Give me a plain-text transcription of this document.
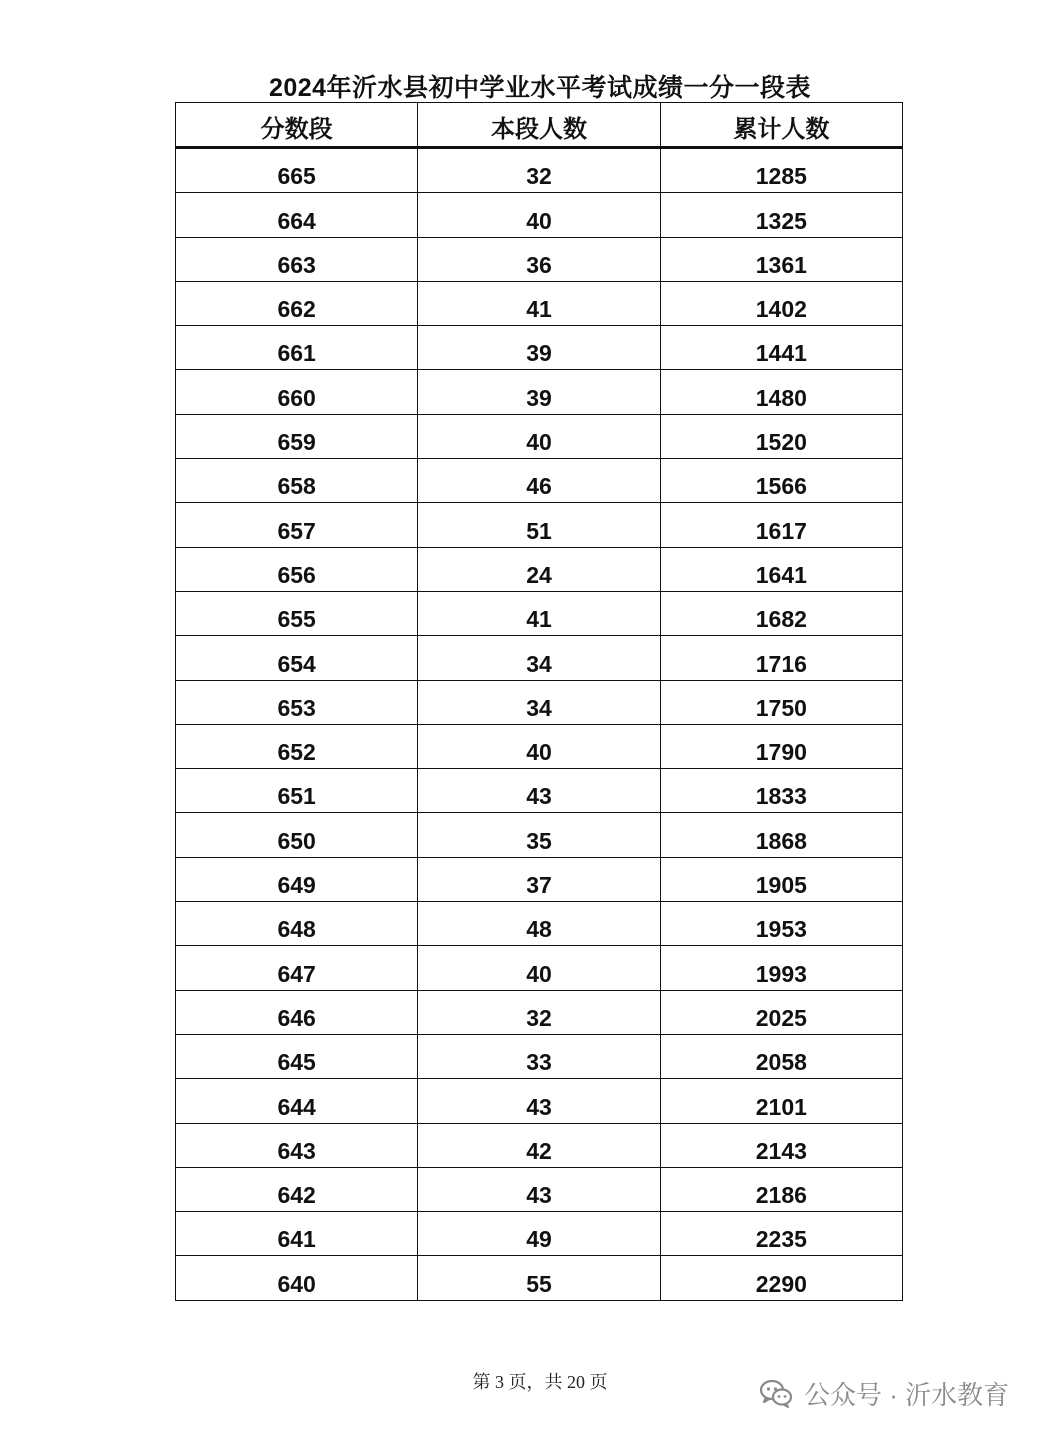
2024年沂水县初中学业水平考试成绩一分一段表
分数段	本段人数	累计人数
665	32	1285
664	40	1325
663	36	1361
662	41	1402
661	39	1441
660	39	1480
659	40	1520
658	46	1566
657	51	1617
656	24	1641
655	41	1682
654	34	1716
653	34	1750
652	40	1790
651	43	1833
650	35	1868
649	37	1905
648	48	1953
647	40	1993
646	32	2025
645	33	2058
644	43	2101
643	42	2143
642	43	2186
641	49	2235
640	55	2290
第 3 页，共 20 页	公众号 · 沂水教育
